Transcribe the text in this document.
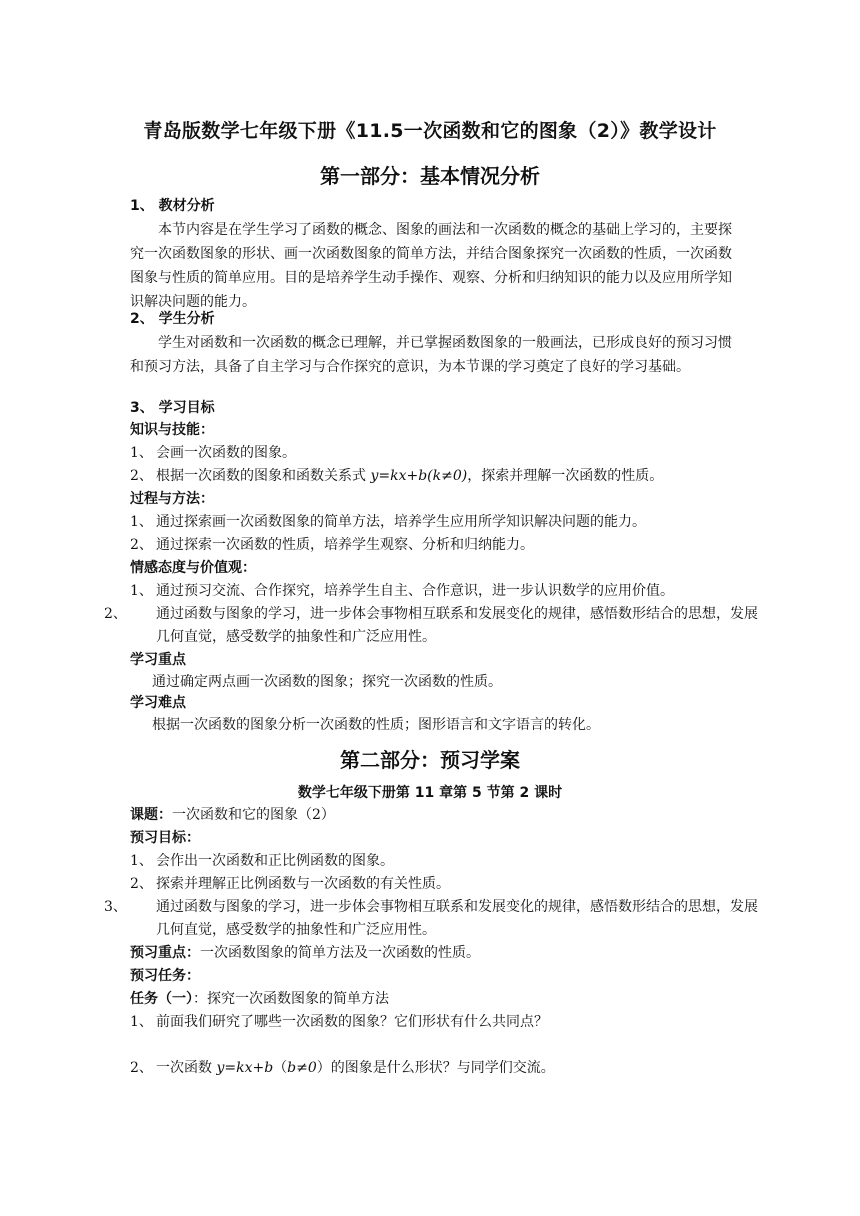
青岛版数学七年级下册《11.5一次函数和它的图象（2）》教学设计
第一部分：基本情况分析
1、 教材分析
本节内容是在学生学习了函数的概念、图象的画法和一次函数的概念的基础上学习的，主要探究一次函数图象的形状、画一次函数图象的简单方法，并结合图象探究一次函数的性质，一次函数图象与性质的简单应用。目的是培养学生动手操作、观察、分析和归纳知识的能力以及应用所学知识解决问题的能力。
2、 学生分析
学生对函数和一次函数的概念已理解，并已掌握函数图象的一般画法，已形成良好的预习习惯和预习方法，具备了自主学习与合作探究的意识，为本节课的学习奠定了良好的学习基础。
3、 学习目标
知识与技能：
1、 会画一次函数的图象。
2、 根据一次函数的图象和函数关系式 y=kx+b(k≠0)，探索并理解一次函数的性质。
过程与方法：
1、 通过探索画一次函数图象的简单方法，培养学生应用所学知识解决问题的能力。
2、 通过探索一次函数的性质，培养学生观察、分析和归纳能力。
情感态度与价值观：
1、 通过预习交流、合作探究，培养学生自主、合作意识，进一步认识数学的应用价值。
2、 通过函数与图象的学习，进一步体会事物相互联系和发展变化的规律，感悟数形结合的思想，发展几何直觉，感受数学的抽象性和广泛应用性。
学习重点
通过确定两点画一次函数的图象；探究一次函数的性质。
学习难点
根据一次函数的图象分析一次函数的性质；图形语言和文字语言的转化。
第二部分：预习学案
数学七年级下册第 11 章第 5 节第 2 课时
课题：一次函数和它的图象（2）
预习目标：
1、 会作出一次函数和正比例函数的图象。
2、 探索并理解正比例函数与一次函数的有关性质。
3、 通过函数与图象的学习，进一步体会事物相互联系和发展变化的规律，感悟数形结合的思想，发展几何直觉，感受数学的抽象性和广泛应用性。
预习重点：一次函数图象的简单方法及一次函数的性质。
预习任务：
任务（一）：探究一次函数图象的简单方法
1、 前面我们研究了哪些一次函数的图象？它们形状有什么共同点？
2、 一次函数 y=kx+b（b≠0）的图象是什么形状？与同学们交流。
